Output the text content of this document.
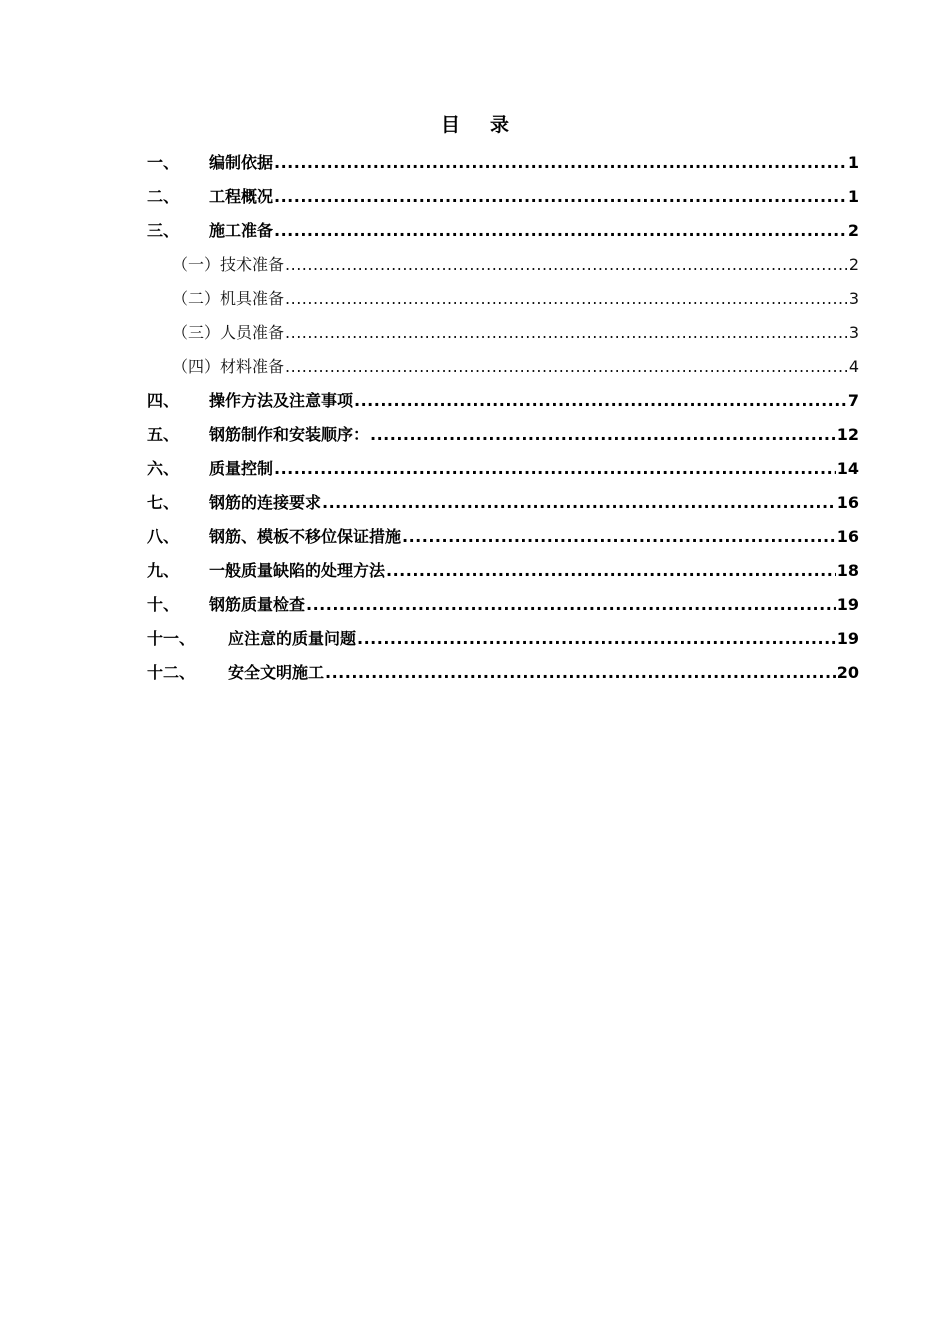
目 录
一、	编制依据 .....	1
二、	工程概况 .....	1
三、	施工准备 .....	2
（一） 技术准备 .....	2
（二） 机具准备 .....	3
（三） 人员准备 .....	3
（四） 材料准备 .....	4
四、	操作方法及注意事项 .....	7
五、	钢筋制作和安装顺序： .....	12
六、	质量控制 .....	14
七、	钢筋的连接要求 .....	16
八、	钢筋、模板不移位保证措施 .....	16
九、	一般质量缺陷的处理方法 .....	18
十、	钢筋质量检查 .....	19
十一、	应注意的质量问题 .....	19
十二、	安全文明施工 .....	20
